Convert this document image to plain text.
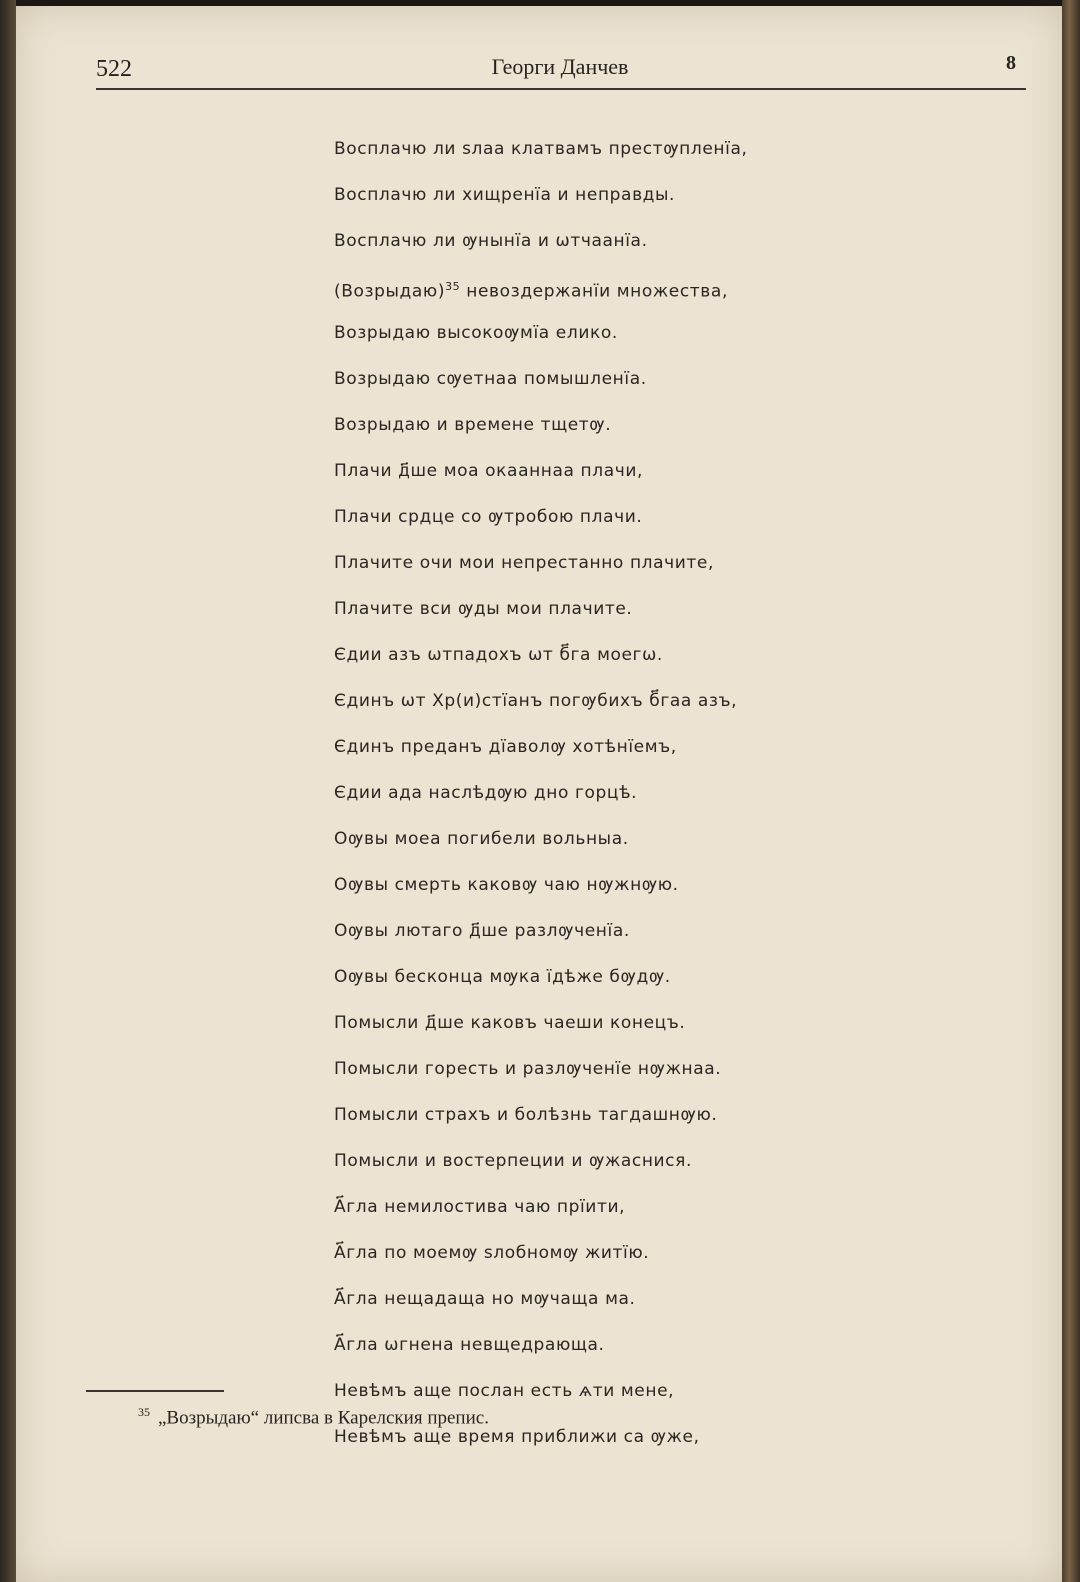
522	Георги Данчев	8
Восплачю ли ѕлаа клатвамъ престѹпленїа,
Восплачю ли хищренїа и неправды.
Восплачю ли ѹнынїа и ѡтчаанїа.
(Возрыдаю)$^{35}$ невоздержанїи множества,
Возрыдаю высокоѹмїа елико.
Возрыдаю сѹетнаа помышленїа.
Возрыдаю и времене тщетѹ.
Плачи д҃ше моа окааннаа плачи,
Плачи срдце со ѹтробою плачи.
Плачите очи мои непрестанно плачите,
Плачите вси ѹды мои плачите.
Єдии азъ ѡтпадохъ ѡт б҃га моегѡ.
Єдинъ ѡт Хр(и)стїанъ погѹбихъ б҃гаа азъ,
Єдинъ преданъ дїаволѹ хотѣнїемъ,
Єдии ада наслѣдѹю дно горцѣ.
Оѹвы моеа погибели вольныа.
Оѹвы смерть каковѹ чаю нѹжнѹю.
Оѹвы лютаго д҃ше разлѹченїа.
Оѹвы бесконца мѹка їдѣже бѹдѹ.
Помысли д҃ше каковъ чаеши конецъ.
Помысли горесть и разлѹченїе нѹжнаа.
Помысли страхъ и болѣзнь тагдашнѹю.
Помысли и востерпеции и ѹжаснися.
А҃гла немилостива чаю прїити,
А҃гла по моемѹ ѕлобномѹ житїю.
А҃гла нещадаща но мѹчаща ма.
А҃гла ѡгнена невщедрающа.
Невѣмъ аще послан есть ѧти мене,
Невѣмъ аще время приближи са ѹже,
$^{35}$ „Возрыдаю“ липсва в Карелския препис.
